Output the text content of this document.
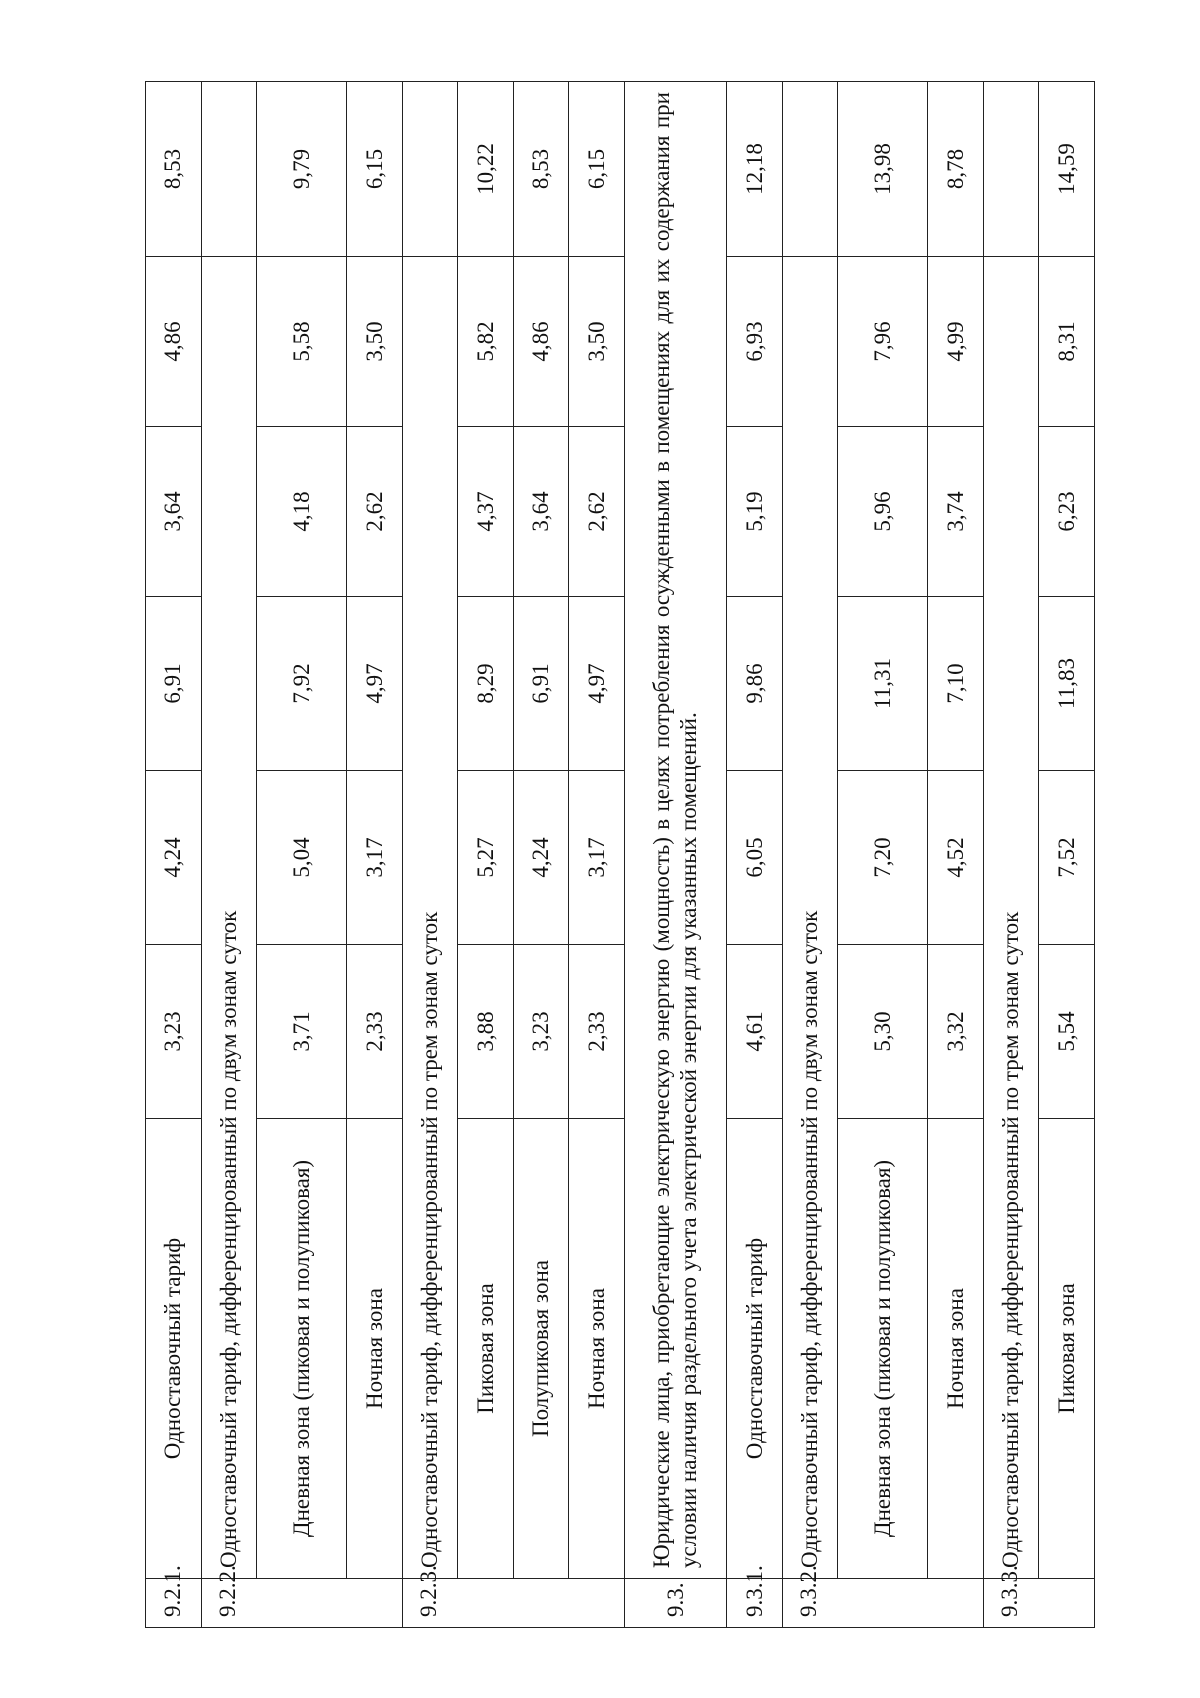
9.2.1.	Одноставочный тариф	3,23	4,24	6,91	3,64	4,86	8,53
9.2.2.	Одноставочный тариф, дифференцированный по двум зонам суток						
	Дневная зона (пиковая и полупиковая)	3,71	5,04	7,92	4,18	5,58	9,79
	Ночная зона	2,33	3,17	4,97	2,62	3,50	6,15
9.2.3.	Одноставочный тариф, дифференцированный по трем зонам суток						
	Пиковая зона	3,88	5,27	8,29	4,37	5,82	10,22
	Полупиковая зона	3,23	4,24	6,91	3,64	4,86	8,53
	Ночная зона	2,33	3,17	4,97	2,62	3,50	6,15
9.3.	Юридические лица, приобретающие электрическую энергию (мощность) в целях потребления осужденными в помещениях для их содержания при условии наличия раздельного учета электрической энергии для указанных помещений.						
9.3.1.	Одноставочный тариф	4,61	6,05	9,86	5,19	6,93	12,18
9.3.2.	Одноставочный тариф, дифференцированный по двум зонам суток						
	Дневная зона (пиковая и полупиковая)	5,30	7,20	11,31	5,96	7,96	13,98
	Ночная зона	3,32	4,52	7,10	3,74	4,99	8,78
9.3.3.	Одноставочный тариф, дифференцированный по трем зонам суток						
	Пиковая зона	5,54	7,52	11,83	6,23	8,31	14,59
